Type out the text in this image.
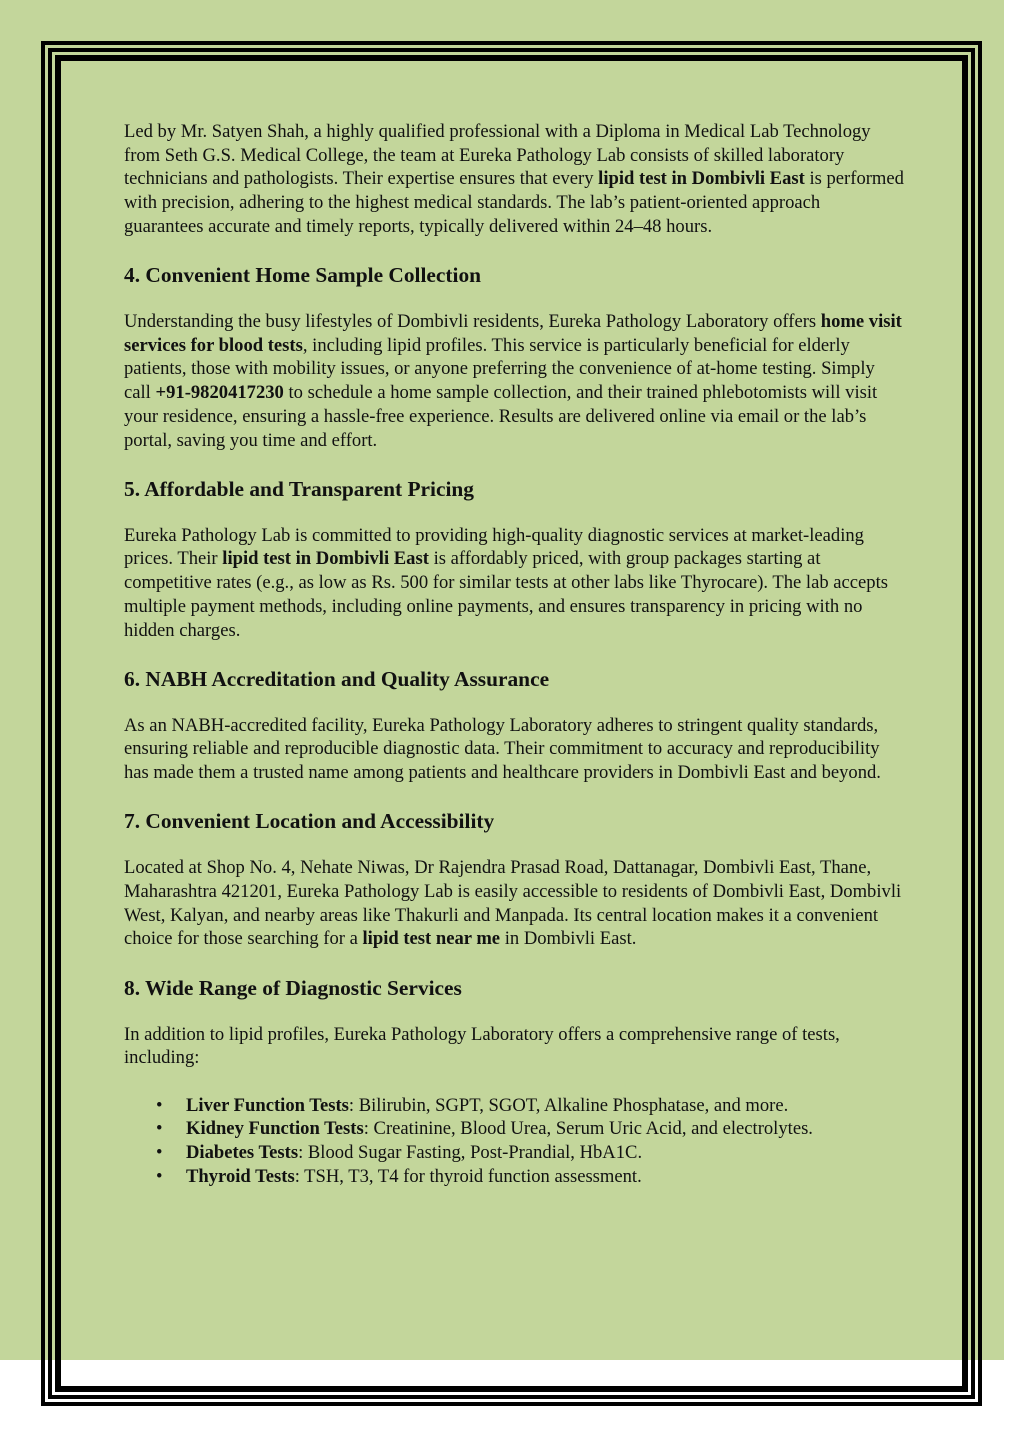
Led by Mr. Satyen Shah, a highly qualified professional with a Diploma in Medical Lab Technology from Seth G.S. Medical College, the team at Eureka Pathology Lab consists of skilled laboratory technicians and pathologists. Their expertise ensures that every lipid test in Dombivli East is performed with precision, adhering to the highest medical standards. The lab’s patient-oriented approach guarantees accurate and timely reports, typically delivered within 24–48 hours.

4. Convenient Home Sample Collection

Understanding the busy lifestyles of Dombivli residents, Eureka Pathology Laboratory offers home visit services for blood tests, including lipid profiles. This service is particularly beneficial for elderly patients, those with mobility issues, or anyone preferring the convenience of at-home testing. Simply call +91-9820417230 to schedule a home sample collection, and their trained phlebotomists will visit your residence, ensuring a hassle-free experience. Results are delivered online via email or the lab’s portal, saving you time and effort.

5. Affordable and Transparent Pricing

Eureka Pathology Lab is committed to providing high-quality diagnostic services at market-leading prices. Their lipid test in Dombivli East is affordably priced, with group packages starting at competitive rates (e.g., as low as Rs. 500 for similar tests at other labs like Thyrocare). The lab accepts multiple payment methods, including online payments, and ensures transparency in pricing with no hidden charges.

6. NABH Accreditation and Quality Assurance

As an NABH-accredited facility, Eureka Pathology Laboratory adheres to stringent quality standards, ensuring reliable and reproducible diagnostic data. Their commitment to accuracy and reproducibility has made them a trusted name among patients and healthcare providers in Dombivli East and beyond.

7. Convenient Location and Accessibility

Located at Shop No. 4, Nehate Niwas, Dr Rajendra Prasad Road, Dattanagar, Dombivli East, Thane, Maharashtra 421201, Eureka Pathology Lab is easily accessible to residents of Dombivli East, Dombivli West, Kalyan, and nearby areas like Thakurli and Manpada. Its central location makes it a convenient choice for those searching for a lipid test near me in Dombivli East.

8. Wide Range of Diagnostic Services

In addition to lipid profiles, Eureka Pathology Laboratory offers a comprehensive range of tests, including:

• Liver Function Tests: Bilirubin, SGPT, SGOT, Alkaline Phosphatase, and more.
• Kidney Function Tests: Creatinine, Blood Urea, Serum Uric Acid, and electrolytes.
• Diabetes Tests: Blood Sugar Fasting, Post-Prandial, HbA1C.
• Thyroid Tests: TSH, T3, T4 for thyroid function assessment.
